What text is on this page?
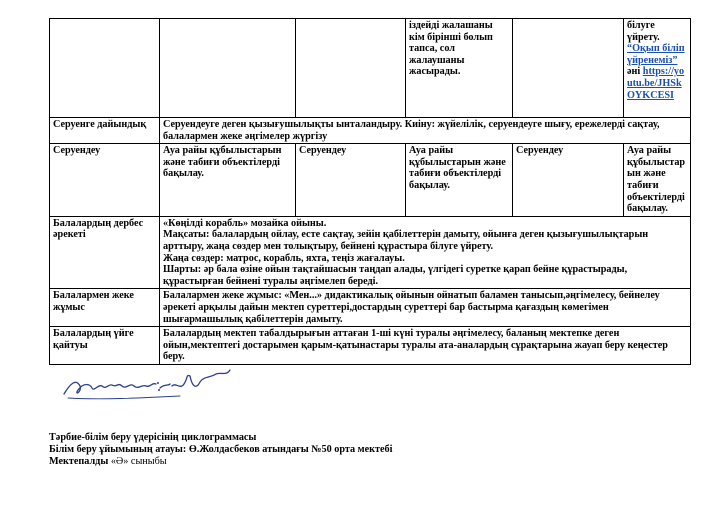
			іздейді жалашаны кім бірінші болып тапса, сол жалаушаны жасырады.		білуге үйрету. “Оқып біліп үйренеміз” әні https://youtu.be/JHSkOYKCESI
Серуенге дайындық	Серуендеуге деген қызығушылықты ынталандыру. Киіну: жүйелілік, серуендеуге шығу, ережелерді сақтау, балалармен жеке әңгімелер жүргізу				
Серуендеу	Ауа райы құбылыстарын және табиғи объектілерді бақылау.	Серуендеу	Ауа райы құбылыстарын және табиғи объектілерді бақылау.	Серуендеу	Ауа райы құбылыстар ын және табиғи объектілерді бақылау.
Балалардың дербес әрекеті	«Көңілді корабль» мозайка ойыны.
Мақсаты: балалардың ойлау, есте сақтау, зейін қабілеттерін дамыту, ойынға деген қызығушылықтарын арттыру, жаңа сөздер мен толықтыру, бейнені құрастыра білуге үйрету.
Жаңа сөздер: матрос, корабль, яхта, теңіз жағалауы.
Шарты: әр бала өзіне ойын тақтайшасын таңдап алады, үлгідегі суретке қарап бейне құрастырады, құрастырған бейнені туралы әңгімелеп береді.				

Балалармен жеке жұмыс	Балалармен жеке жұмыс: «Мен...» дидактикалық ойынын ойнатып баламен танысып,әңгімелесу, бейнелеу әрекеті арқылы дайын мектеп суреттері,достардың суреттері бар бастырма қағаздың көмегімен шығармашылық қабілеттерін дамыту.				
Балалардың үйге қайтуы	Балалардың мектеп табалдырығын аттаған 1-ші күні туралы әңгімелесу, баланың мектепке деген ойын,мектептегі достарымен қарым-қатынастары туралы ата-аналардың сұрақтарына жауап беру кеңестер беру.				
Тәрбие-білім беру үдерісінің циклограммасы
Білім беру ұйымының атауы: Ө.Жолдасбеков атындағы №50 орта мектебі
Мектепалды «Ә» сыныбы
